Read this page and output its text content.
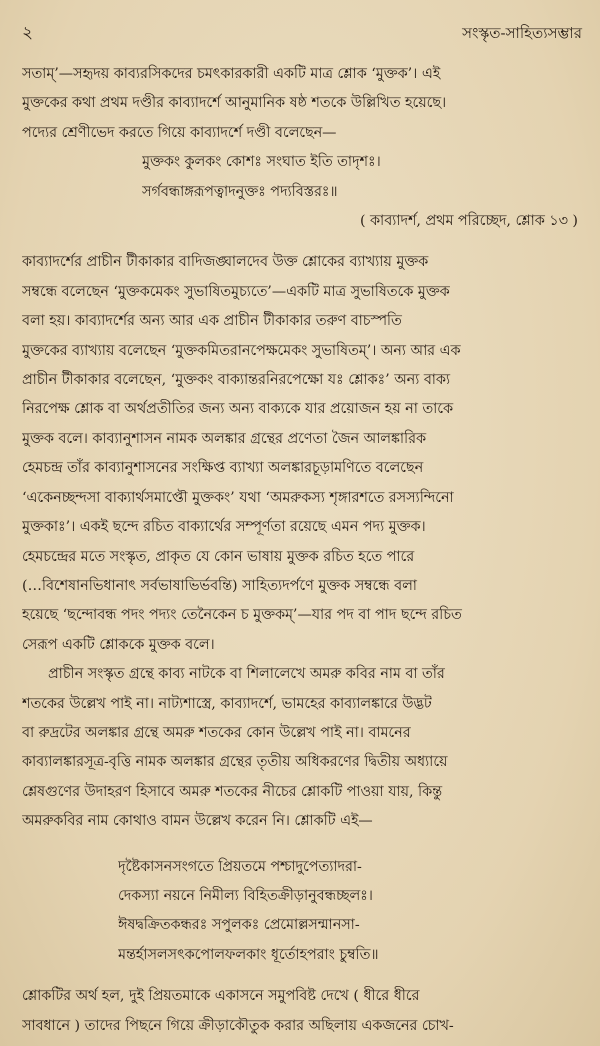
২	সংস্কৃত-সাহিত্যসম্ভার
সতাম্’—সহৃদয় কাব্যরসিকদের চমৎকারকারী একটি মাত্র শ্লোক ‘মুক্তক’। এই
মুক্তকের কথা প্রথম দণ্ডীর কাব্যাদর্শে আনুমানিক ষষ্ঠ শতকে উল্লিখিত হয়েছে।
পদ্যের শ্রেণীভেদ করতে গিয়ে কাব্যাদর্শে দণ্ডী বলেছেন—
মুক্তকং কুলকং কোশঃ সংঘাত ইতি তাদৃশঃ।
সর্গবন্ধাঙ্গরূপত্বাদনুক্তঃ পদ্যবিস্তরঃ॥
( কাব্যাদর্শ, প্রথম পরিচ্ছেদ, শ্লোক ১৩ )
কাব্যাদর্শের প্রাচীন টীকাকার বাদিজঙ্ঘালদেব উক্ত শ্লোকের ব্যাখ্যায় মুক্তক
সম্বন্ধে বলেছেন ‘মুক্তকমেকং সুভাষিতমুচ্যতে’—একটি মাত্র সুভাষিতকে মুক্তক
বলা হয়। কাব্যাদর্শের অন্য আর এক প্রাচীন টীকাকার তরুণ বাচস্পতি
মুক্তকের ব্যাখ্যায় বলেছেন ‘মুক্তকমিতরানপেক্ষমেকং সুভাষিতম্’। অন্য আর এক
প্রাচীন টীকাকার বলেছেন, ‘মুক্তকং বাক্যান্তরনিরপেক্ষো যঃ শ্লোকঃ’ অন্য বাক্য
নিরপেক্ষ শ্লোক বা অর্থপ্রতীতির জন্য অন্য বাক্যকে যার প্রয়োজন হয় না তাকে
মুক্তক বলে। কাব্যানুশাসন নামক অলঙ্কার গ্রন্থের প্রণেতা জৈন আলঙ্কারিক
হেমচন্দ্র তাঁর কাব্যানুশাসনের সংক্ষিপ্ত ব্যাখ্যা অলঙ্কারচূড়ামণিতে বলেছেন
‘একেনচ্ছন্দসা বাক্যার্থসমাপ্তৌ মুক্তকং’ যথা ‘অমরুকস্য শৃঙ্গারশতে রসস্যন্দিনো
মুক্তকাঃ’। একই ছন্দে রচিত বাক্যার্থের সম্পূর্ণতা রয়েছে এমন পদ্য মুক্তক।
হেমচন্দ্রের মতে সংস্কৃত, প্রাকৃত যে কোন ভাষায় মুক্তক রচিত হতে পারে
(…বিশেষানভিধানাৎ সর্বভাষাভির্ভবন্তি) সাহিত্যদর্পণে মুক্তক সম্বন্ধে বলা
হয়েছে ‘ছন্দোবন্ধ পদং পদ্যং তেনৈকেন চ মুক্তকম্’—যার পদ বা পাদ ছন্দে রচিত
সেরূপ একটি শ্লোককে মুক্তক বলে।
প্রাচীন সংস্কৃত গ্রন্থে কাব্য নাটকে বা শিলালেখে অমরু কবির নাম বা তাঁর
শতকের উল্লেখ পাই না। নাট্যশাস্ত্রে, কাব্যাদর্শে, ভামহের কাব্যালঙ্কারে উদ্ভট
বা রুদ্রটের অলঙ্কার গ্রন্থে অমরু শতকের কোন উল্লেখ পাই না। বামনের
কাব্যালঙ্কারসূত্র-বৃত্তি নামক অলঙ্কার গ্রন্থের তৃতীয় অধিকরণের দ্বিতীয় অধ্যায়ে
শ্লেষগুণের উদাহরণ হিসাবে অমরু শতকের নীচের শ্লোকটি পাওয়া যায়, কিন্তু
অমরুকবির নাম কোথাও বামন উল্লেখ করেন নি। শ্লোকটি এই—
দৃষ্টৈকাসনসংগতে প্রিয়তমে পশ্চাদুপেত্যাদরা-
দেকস্যা নয়নে নিমীল্য বিহিতক্রীড়ানুবন্ধচ্ছলঃ।
ঈষদ্বক্রিতকন্ধরঃ সপুলকঃ প্রেমোল্লসন্মানসা-
মন্তর্হাসলসৎকপোলফলকাং ধূর্তোহপরাং চুম্বতি॥
শ্লোকটির অর্থ হল, দুই প্রিয়তমাকে একাসনে সমুপবিষ্ট দেখে ( ধীরে ধীরে
সাবধানে ) তাদের পিছনে গিয়ে ক্রীড়াকৌতুক করার অছিলায় একজনের চোখ-
